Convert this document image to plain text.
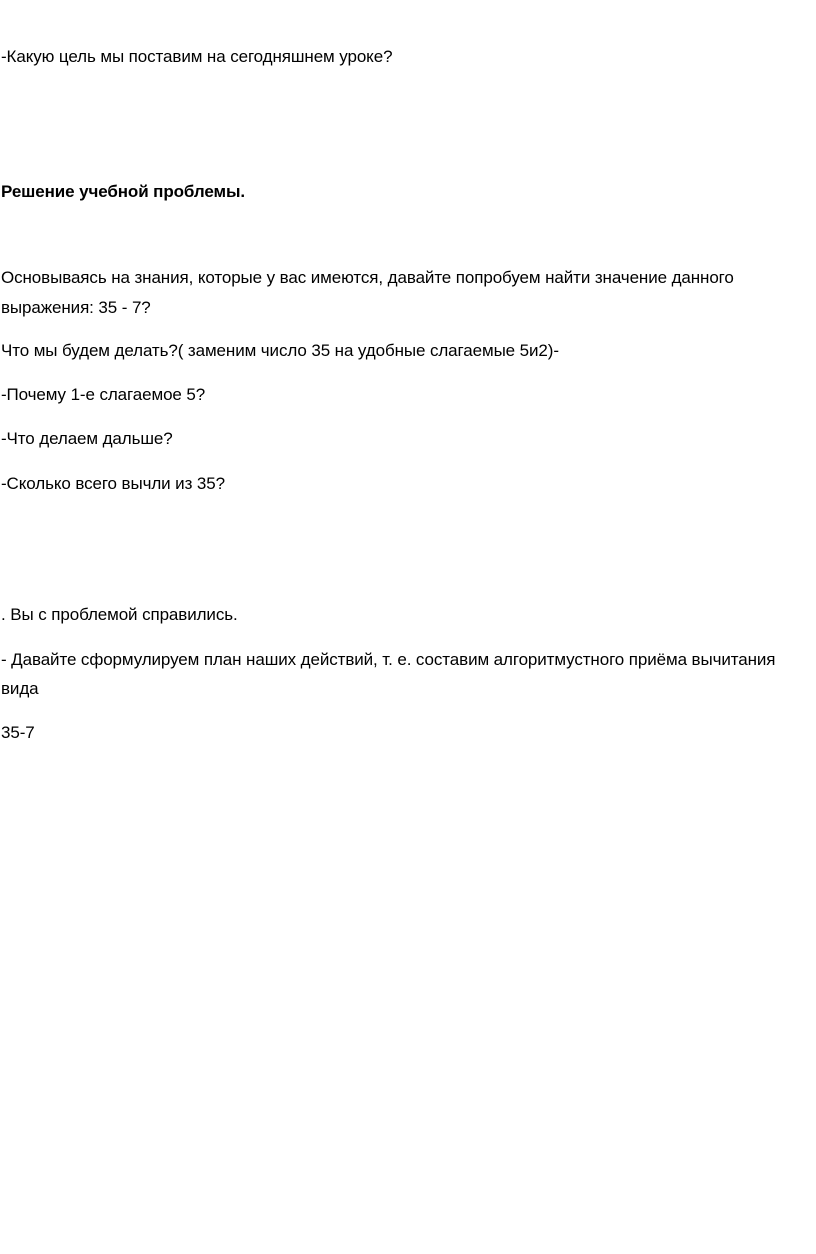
-Какую цель мы поставим на сегодняшнем уроке?
Решение учебной проблемы.
Основываясь на знания, которые у вас имеются, давайте попробуем найти значение данного
выражения: 35 - 7?
Что мы будем делать?( заменим число 35 на удобные слагаемые 5и2)-
-Почему 1-е слагаемое 5?
-Что делаем дальше?
-Сколько всего вычли из 35?
. Вы с проблемой справились.
- Давайте сформулируем план наших действий, т. е. составим алгоритмустного приёма вычитания
вида
35-7
